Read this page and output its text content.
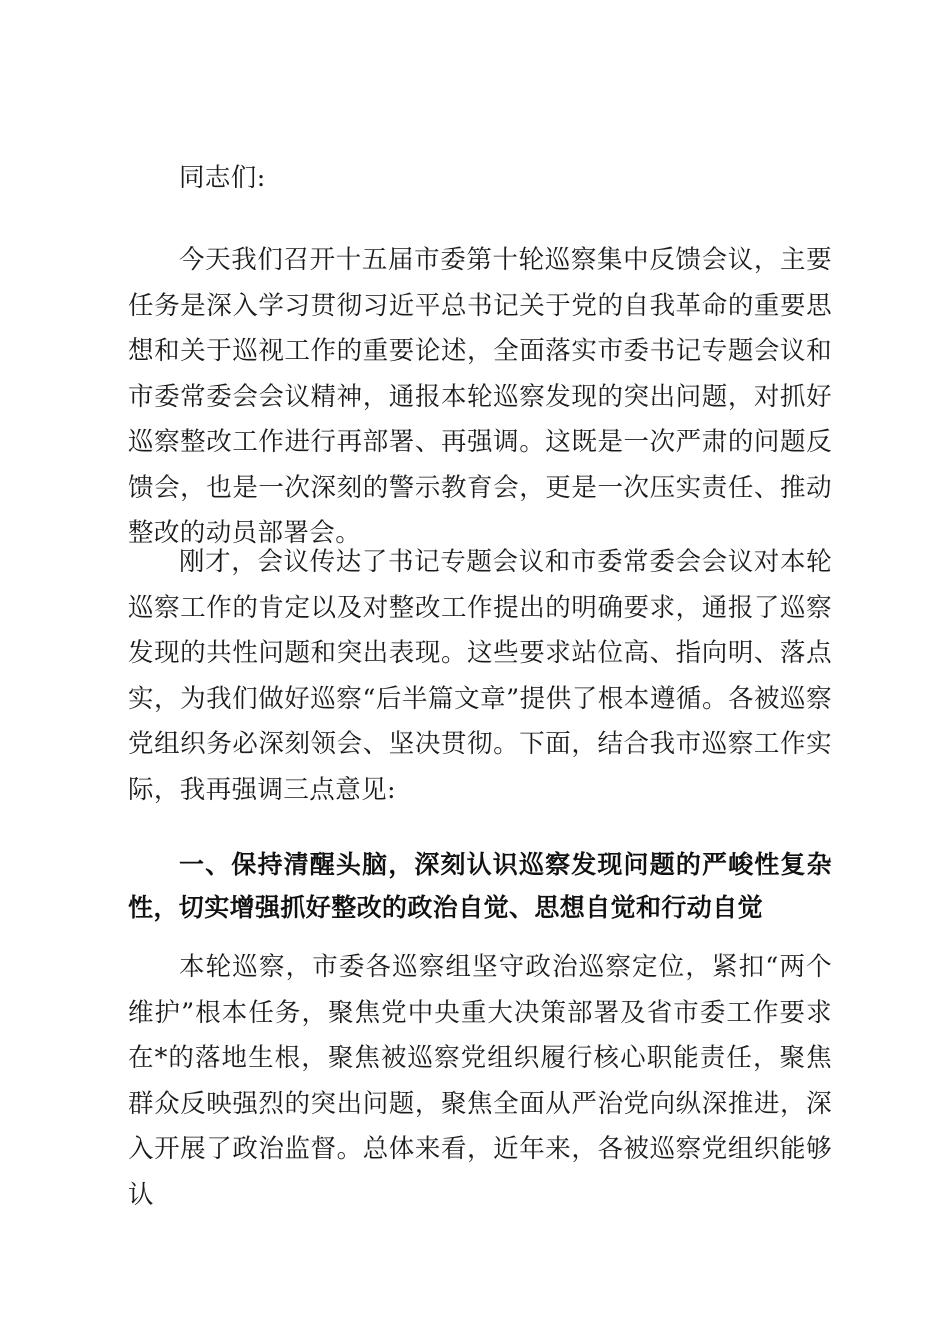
同志们:

今天我们召开十五届市委第十轮巡察集中反馈会议，主要任务是深入学习贯彻习近平总书记关于党的自我革命的重要思想和关于巡视工作的重要论述，全面落实市委书记专题会议和市委常委会会议精神，通报本轮巡察发现的突出问题，对抓好巡察整改工作进行再部署、再强调。这既是一次严肃的问题反馈会，也是一次深刻的警示教育会，更是一次压实责任、推动整改的动员部署会。

刚才，会议传达了书记专题会议和市委常委会会议对本轮巡察工作的肯定以及对整改工作提出的明确要求，通报了巡察发现的共性问题和突出表现。这些要求站位高、指向明、落点实，为我们做好巡察“后半篇文章”提供了根本遵循。各被巡察党组织务必深刻领会、坚决贯彻。下面，结合我市巡察工作实际，我再强调三点意见:

一、保持清醒头脑，深刻认识巡察发现问题的严峻性复杂性，切实增强抓好整改的政治自觉、思想自觉和行动自觉

本轮巡察，市委各巡察组坚守政治巡察定位，紧扣“两个维护”根本任务，聚焦党中央重大决策部署及省市委工作要求在*的落地生根，聚焦被巡察党组织履行核心职能责任，聚焦群众反映强烈的突出问题，聚焦全面从严治党向纵深推进，深入开展了政治监督。总体来看，近年来，各被巡察党组织能够认
